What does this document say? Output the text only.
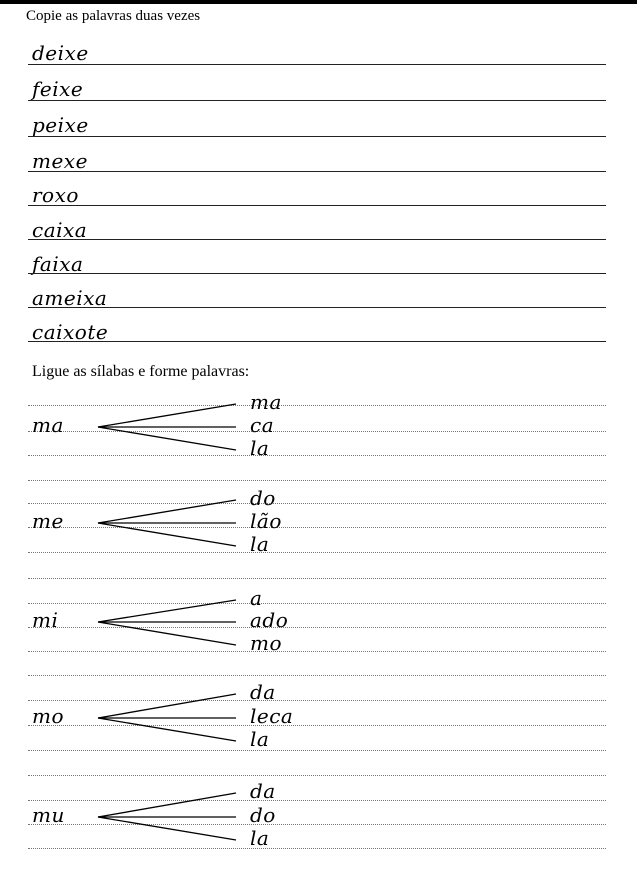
Copie as palavras duas vezes
deixe
feixe
peixe
mexe
roxo
caixa
faixa
ameixa
caixote
Ligue as sílabas e forme palavras:
ma
ma
ca
la
me
do
lão
la
mi
a
ado
mo
mo
da
leca
la
mu
da
do
la
